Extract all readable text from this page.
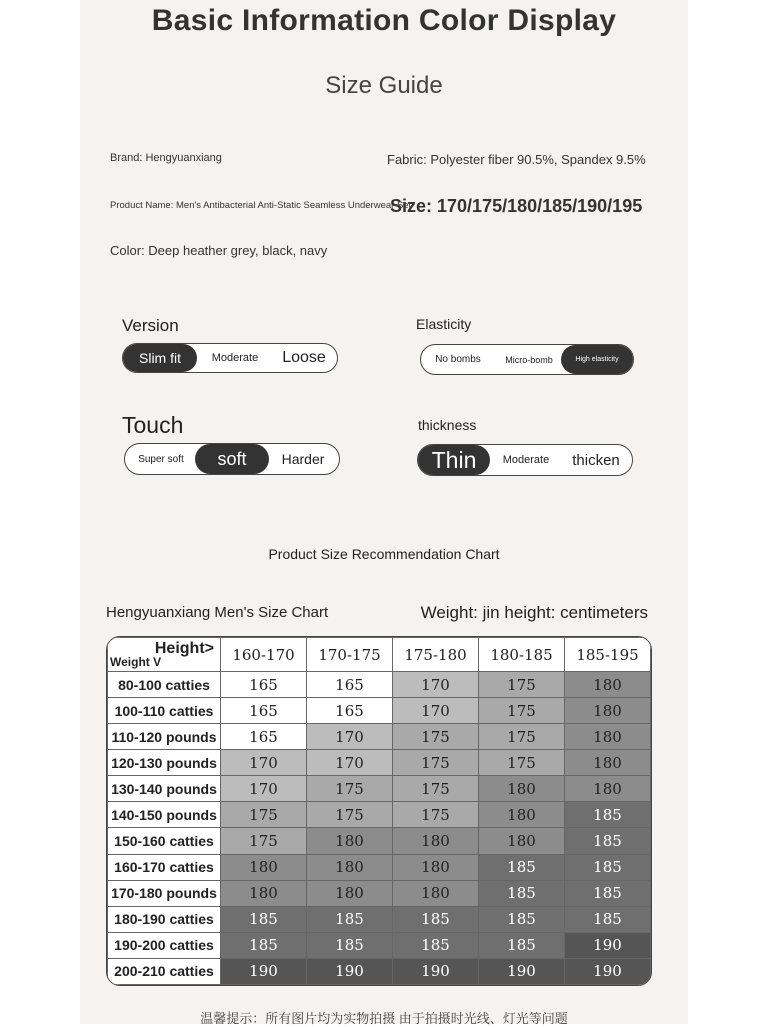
Basic Information Color Display
Size Guide
Brand: Hengyuanxiang	Fabric: Polyester fiber 90.5%, Spandex 9.5%
Product Name: Men's Antibacterial Anti-Static Seamless Underwear Set
Size: 170/175/180/185/190/195
Color: Deep heather grey, black, navy
Version
Slim fit	Moderate	Loose
Elasticity
No bombs	Micro-bomb	High elasticity
Touch
Super soft	soft	Harder
thickness
Thin	Moderate	thicken
Product Size Recommendation Chart
Hengyuanxiang Men's Size Chart	Weight: jin height: centimeters
Height>
Weight V	160-170	170-175	175-180	180-185	185-195
80-100 catties	165	165	170	175	180
100-110 catties	165	165	170	175	180
110-120 pounds	165	170	175	175	180
120-130 pounds	170	170	175	175	180
130-140 pounds	170	175	175	180	180
140-150 pounds	175	175	175	180	185
150-160 catties	175	180	180	180	185
160-170 catties	180	180	180	185	185
170-180 pounds	180	180	180	185	185
180-190 catties	185	185	185	185	185
190-200 catties	185	185	185	185	190
200-210 catties	190	190	190	190	190
温馨提示：所有图片均为实物拍摄 由于拍摄时光线、灯光等问题
